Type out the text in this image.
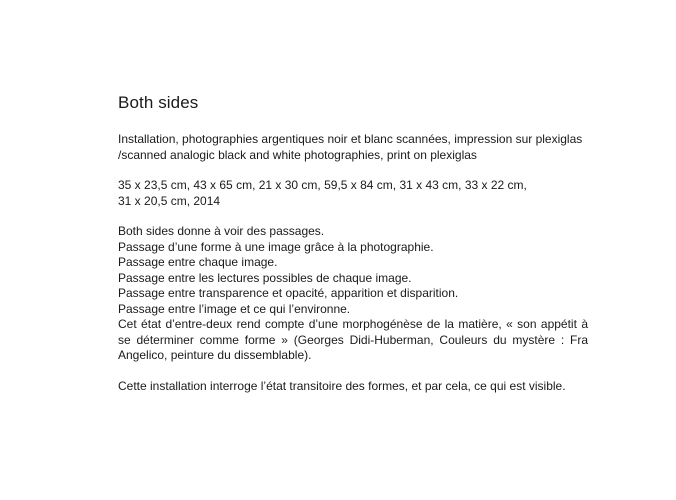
Both sides
Installation, photographies argentiques noir et blanc scannées, impression sur plexiglas
/scanned analogic black and white photographies, print on plexiglas
35 x 23,5 cm, 43 x 65 cm, 21 x 30 cm, 59,5 x 84 cm, 31 x 43 cm, 33 x 22 cm,
31 x 20,5 cm, 2014
Both sides donne à voir des passages.
Passage d’une forme à une image grâce à la photographie.
Passage entre chaque image.
Passage entre les lectures possibles de chaque image.
Passage entre transparence et opacité, apparition et disparition.
Passage entre l’image et ce qui l’environne.
Cet état d’entre-deux rend compte d’une morphogénèse de la matière, « son appétit à se déterminer comme forme » (Georges Didi-Huberman, Couleurs du mystère : Fra Angelico, peinture du dissemblable).
Cette installation interroge l’état transitoire des formes, et par cela, ce qui est visible.
